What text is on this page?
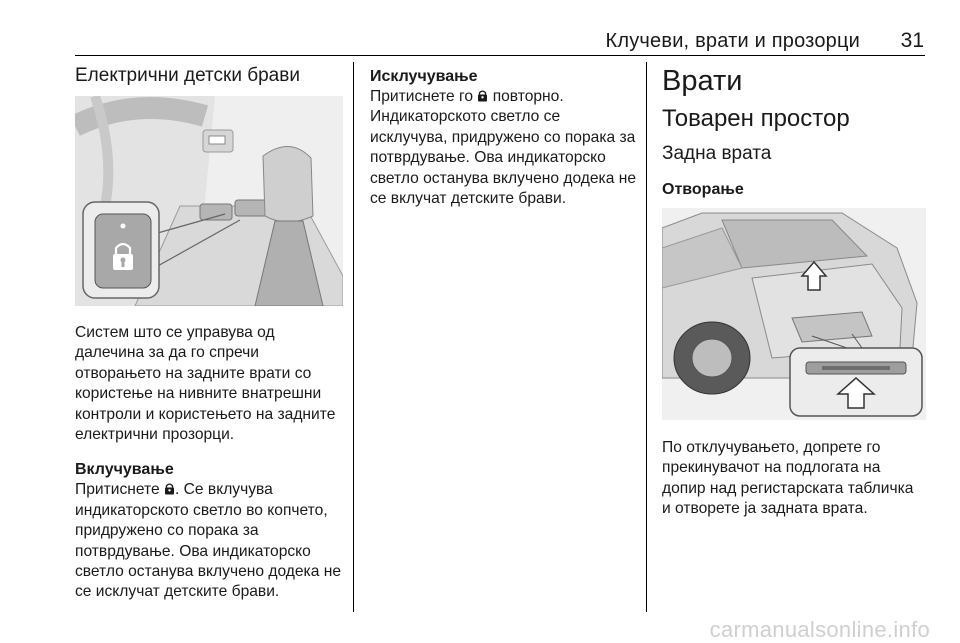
Клучеви, врати и прозорци	31
Електрични детски брави

Систем што се управува од далечина за да го спречи отворањето на задните врати со користење на нивните внатрешни контроли и користењето на задните електрични прозорци.

Вклучување

Притиснете . Се вклучува индикаторското светло во копчето, придружено со порака за потврдување. Ова индикаторско светло останува вклучено додека не се исклучат детските брави.

Исклучување

Притиснете го повторно. Индикаторското светло се исклучува, придружено со порака за потврдување. Ова индикаторско светло останува вклучено додека не се вклучат детските брави.

Врати
Товарен простор
Задна врата
Отворање

По отклучувањето, допрете го прекинувачот на подлогата на допир над регистарската табличка и отворете ја задната врата.

carmanualsonline.info
